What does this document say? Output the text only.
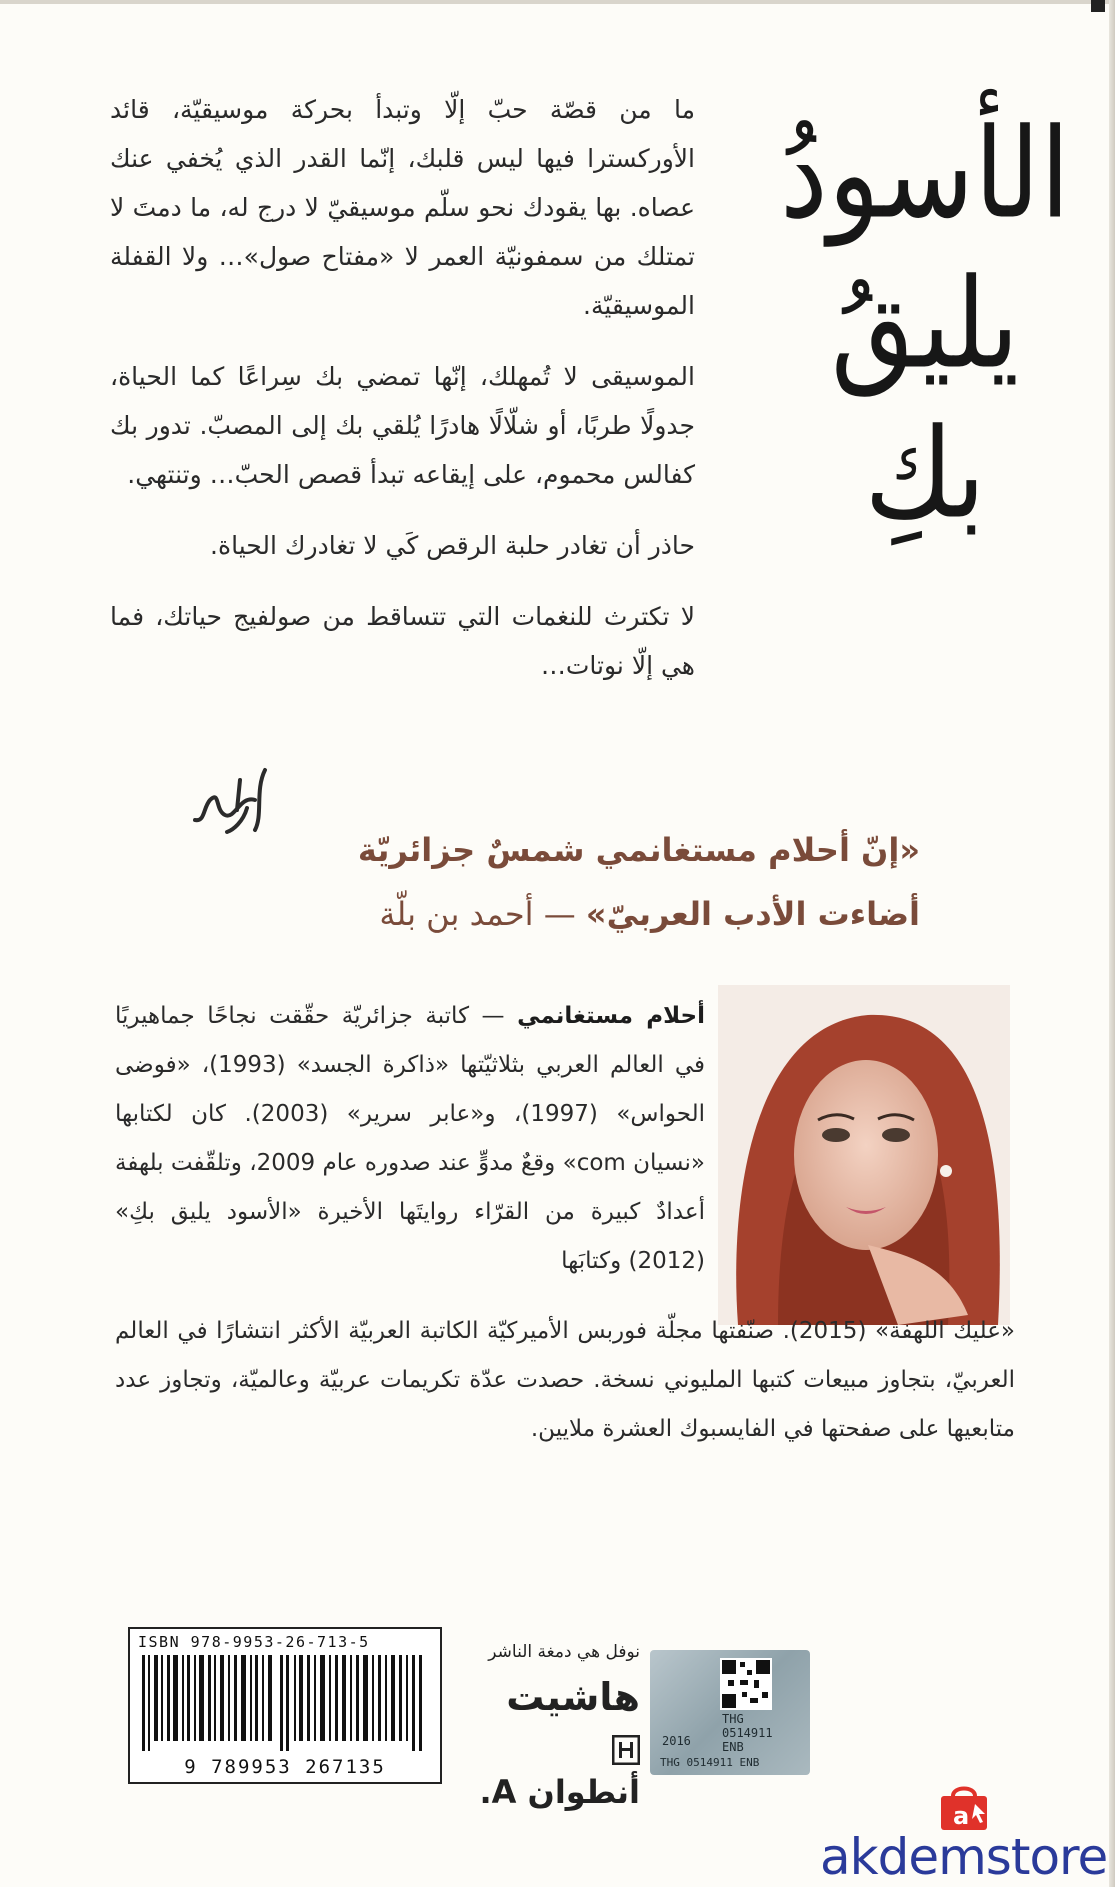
الأسودُ
يليقُ
بكِ

ما من قصّة حبّ إلّا وتبدأ بحركة موسيقيّة، قائد الأوركسترا فيها ليس قلبك، إنّما القدر الذي يُخفي عنك عصاه. بها يقودك نحو سلّم موسيقيّ لا درج له، ما دمتَ لا تمتلك من سمفونيّة العمر لا «مفتاح صول»… ولا القفلة الموسيقيّة.

الموسيقى لا تُمهلك، إنّها تمضي بك سِراعًا كما الحياة، جدولًا طربًا، أو شلّالًا هادرًا يُلقي بك إلى المصبّ. تدور بك كفالس محموم، على إيقاعه تبدأ قصص الحبّ… وتنتهي.

حاذر أن تغادر حلبة الرقص كَي لا تغادرك الحياة.

لا تكترث للنغمات التي تتساقط من صولفيج حياتك، فما هي إلّا نوتات…

«إنّ أحلام مستغانمي شمسٌ جزائريّة
أضاءت الأدب العربيّ» — أحمد بن بلّة
أحلام مستغانمي — كاتبة جزائريّة حقّقت نجاحًا جماهيريًا في العالم العربي بثلاثيّتها «ذاكرة الجسد» (1993)، «فوضى الحواس» (1997)، و«عابر سرير» (2003). كان لكتابها «نسيان com» وقعٌ مدوٍّ عند صدوره عام 2009، وتلقّفت بلهفة أعدادٌ كبيرة من القرّاء روايتَها الأخيرة «الأسود يليق بكِ» (2012) وكتابَها
«عليك اللهفة» (2015). صنّفتها مجلّة فوربس الأميركيّة الكاتبة العربيّة الأكثر انتشارًا في العالم العربيّ، بتجاوز مبيعات كتبها المليوني نسخة. حصدت عدّة تكريمات عربيّة وعالميّة، وتجاوز عدد متابعيها على صفحتها في الفايسبوك العشرة ملايين.
ISBN 978-9953-26-713-5
9 789953 267135
نوفل هي دمغة الناشر
هاشيت
أنطوان A.
THG
0514911
ENB
2016
THG 0514911 ENB
a
akdemstore
